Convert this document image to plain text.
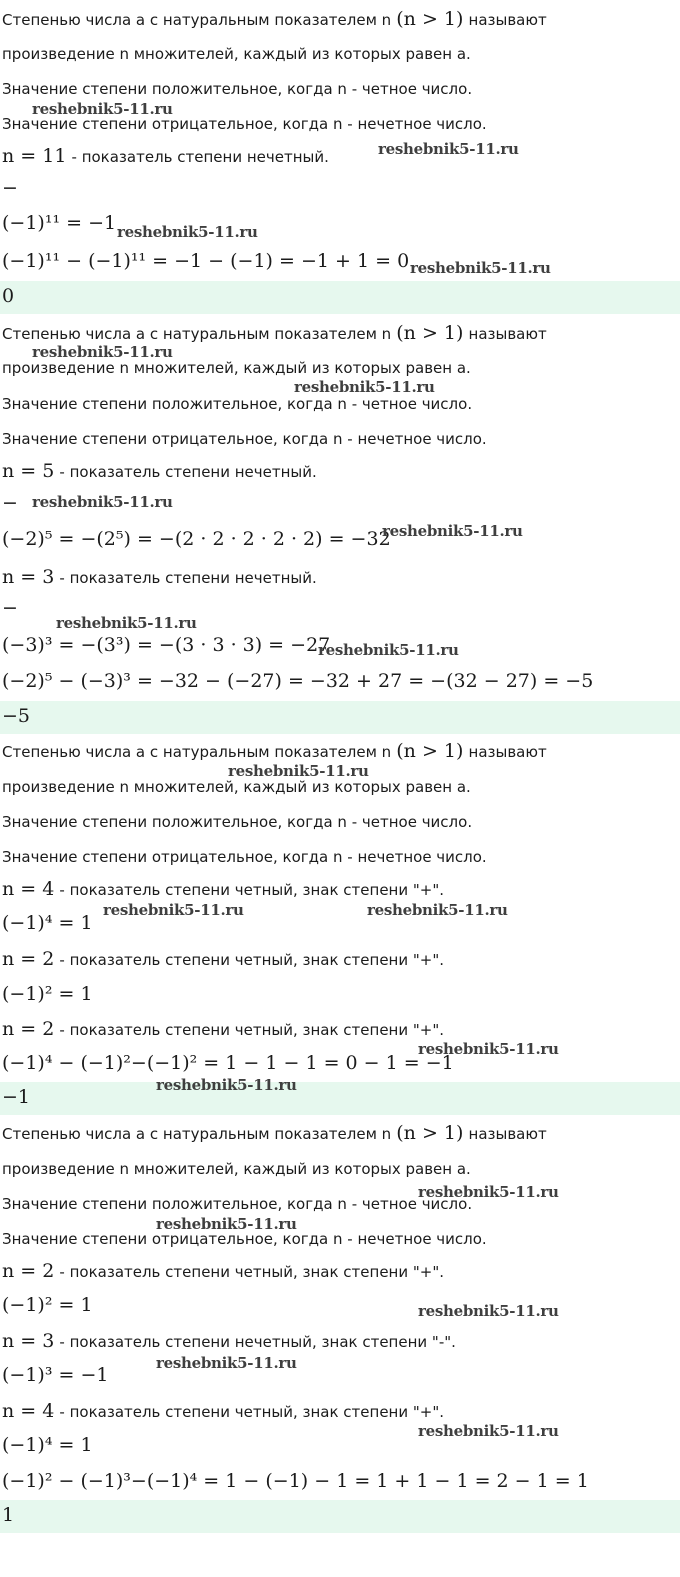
Степенью числа a с натуральным показателем n (n > 1) называют
произведение n множителей, каждый из которых равен a.
Значение степени положительное, когда n - четное число.
Значение степени отрицательное, когда n - нечетное число.
n = 11 - показатель степени нечетный.
−
(−1)¹¹ = −1
(−1)¹¹ − (−1)¹¹ = −1 − (−1) = −1 + 1 = 0
0
Степенью числа a с натуральным показателем n (n > 1) называют
произведение n множителей, каждый из которых равен a.
Значение степени положительное, когда n - четное число.
Значение степени отрицательное, когда n - нечетное число.
n = 5 - показатель степени нечетный.
−
(−2)⁵ = −(2⁵) = −(2 · 2 · 2 · 2 · 2) = −32
n = 3 - показатель степени нечетный.
−
(−3)³ = −(3³) = −(3 · 3 · 3) = −27
(−2)⁵ − (−3)³ = −32 − (−27) = −32 + 27 = −(32 − 27) = −5
−5
Степенью числа a с натуральным показателем n (n > 1) называют
произведение n множителей, каждый из которых равен a.
Значение степени положительное, когда n - четное число.
Значение степени отрицательное, когда n - нечетное число.
n = 4 - показатель степени четный, знак степени "+".
(−1)⁴ = 1
n = 2 - показатель степени четный, знак степени "+".
(−1)² = 1
n = 2 - показатель степени четный, знак степени "+".
(−1)⁴ − (−1)²−(−1)² = 1 − 1 − 1 = 0 − 1 = −1
−1
Степенью числа a с натуральным показателем n (n > 1) называют
произведение n множителей, каждый из которых равен a.
Значение степени положительное, когда n - четное число.
Значение степени отрицательное, когда n - нечетное число.
n = 2 - показатель степени четный, знак степени "+".
(−1)² = 1
n = 3 - показатель степени нечетный, знак степени "-".
(−1)³ = −1
n = 4 - показатель степени четный, знак степени "+".
(−1)⁴ = 1
(−1)² − (−1)³−(−1)⁴ = 1 − (−1) − 1 = 1 + 1 − 1 = 2 − 1 = 1
1
reshebnik5-11.ru
reshebnik5-11.ru
reshebnik5-11.ru
reshebnik5-11.ru
reshebnik5-11.ru
reshebnik5-11.ru
reshebnik5-11.ru
reshebnik5-11.ru
reshebnik5-11.ru
reshebnik5-11.ru
reshebnik5-11.ru
reshebnik5-11.ru	reshebnik5-11.ru
reshebnik5-11.ru
reshebnik5-11.ru
reshebnik5-11.ru
reshebnik5-11.ru
reshebnik5-11.ru
reshebnik5-11.ru
reshebnik5-11.ru
